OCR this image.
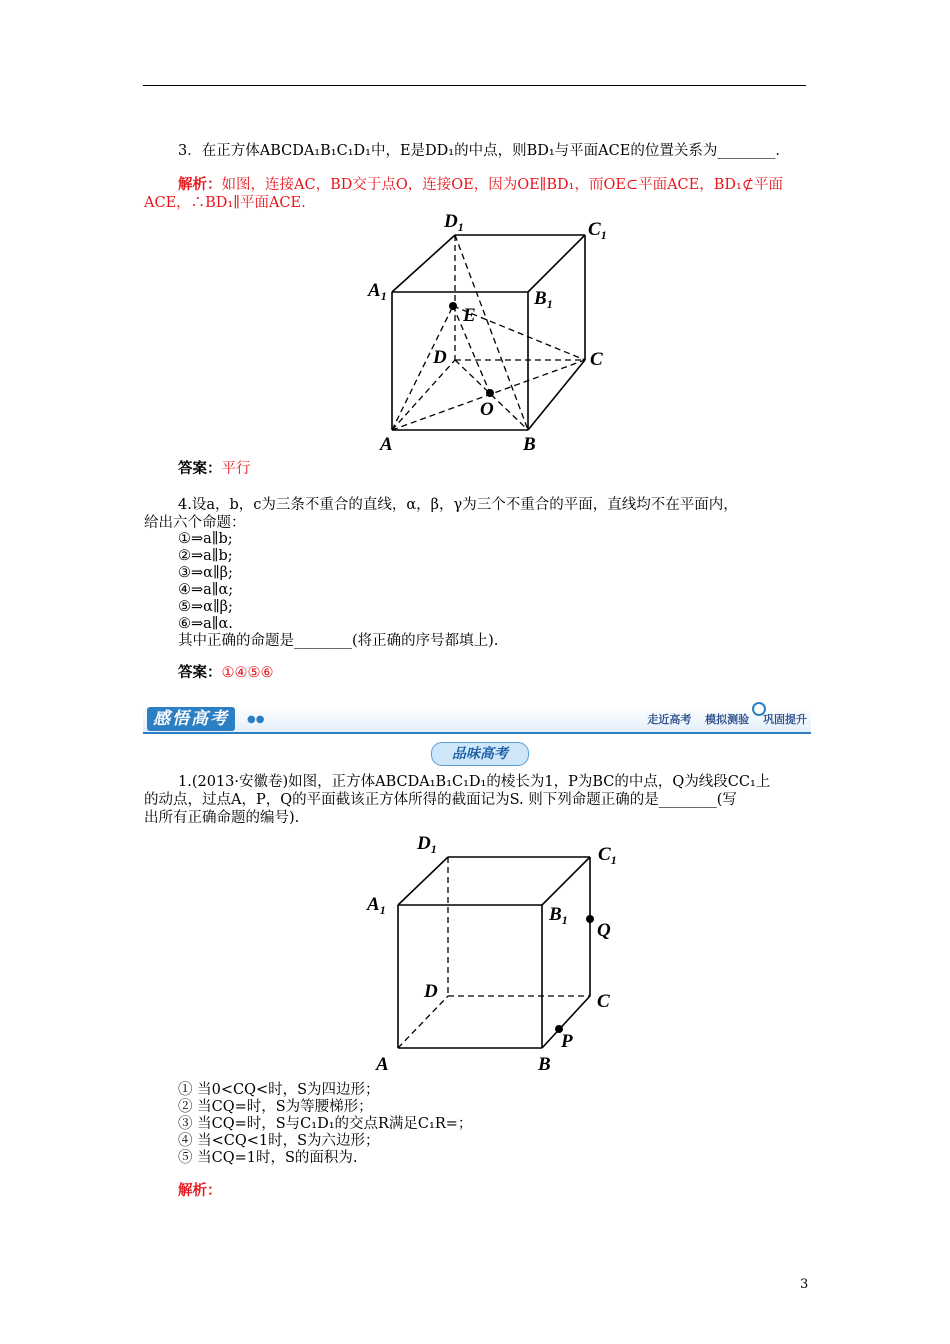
3．在正方体ABCDA₁B₁C₁D₁中，E是DD₁的中点，则BD₁与平面ACE的位置关系为________．
解析：如图，连接AC，BD交于点O，连接OE，因为OE∥BD₁，而OE⊂平面ACE，BD₁⊄平面
ACE，∴BD₁∥平面ACE.
$D_1$	$C_1$
$A_1$	$B_1$
E
D	C
O
A	B
答案：平行
4.设a，b，c为三条不重合的直线，α，β，γ为三个不重合的平面，直线均不在平面内，
给出六个命题：
①⇒a∥b;
②⇒a∥b;
③⇒α∥β;
④⇒a∥α;
⑤⇒α∥β;
⑥⇒a∥α.
其中正确的命题是________(将正确的序号都填上).
答案：①④⑤⑥
感悟高考	●●	走近高考 模拟测验 巩固提升
品味高考
1.(2013·安徽卷)如图，正方体ABCDA₁B₁C₁D₁的棱长为1，P为BC的中点，Q为线段CC₁上
的动点，过点A，P，Q的平面截该正方体所得的截面记为S. 则下列命题正确的是________(写
出所有正确命题的编号).
$D_1$	$C_1$
$A_1$	$B_1$ Q
D	C
P
A	B
① 当0<CQ<时，S为四边形；
② 当CQ=时，S为等腰梯形；
③ 当CQ=时，S与C₁D₁的交点R满足C₁R=；
④ 当<CQ<1时，S为六边形；
⑤ 当CQ=1时，S的面积为.
解析：
3
